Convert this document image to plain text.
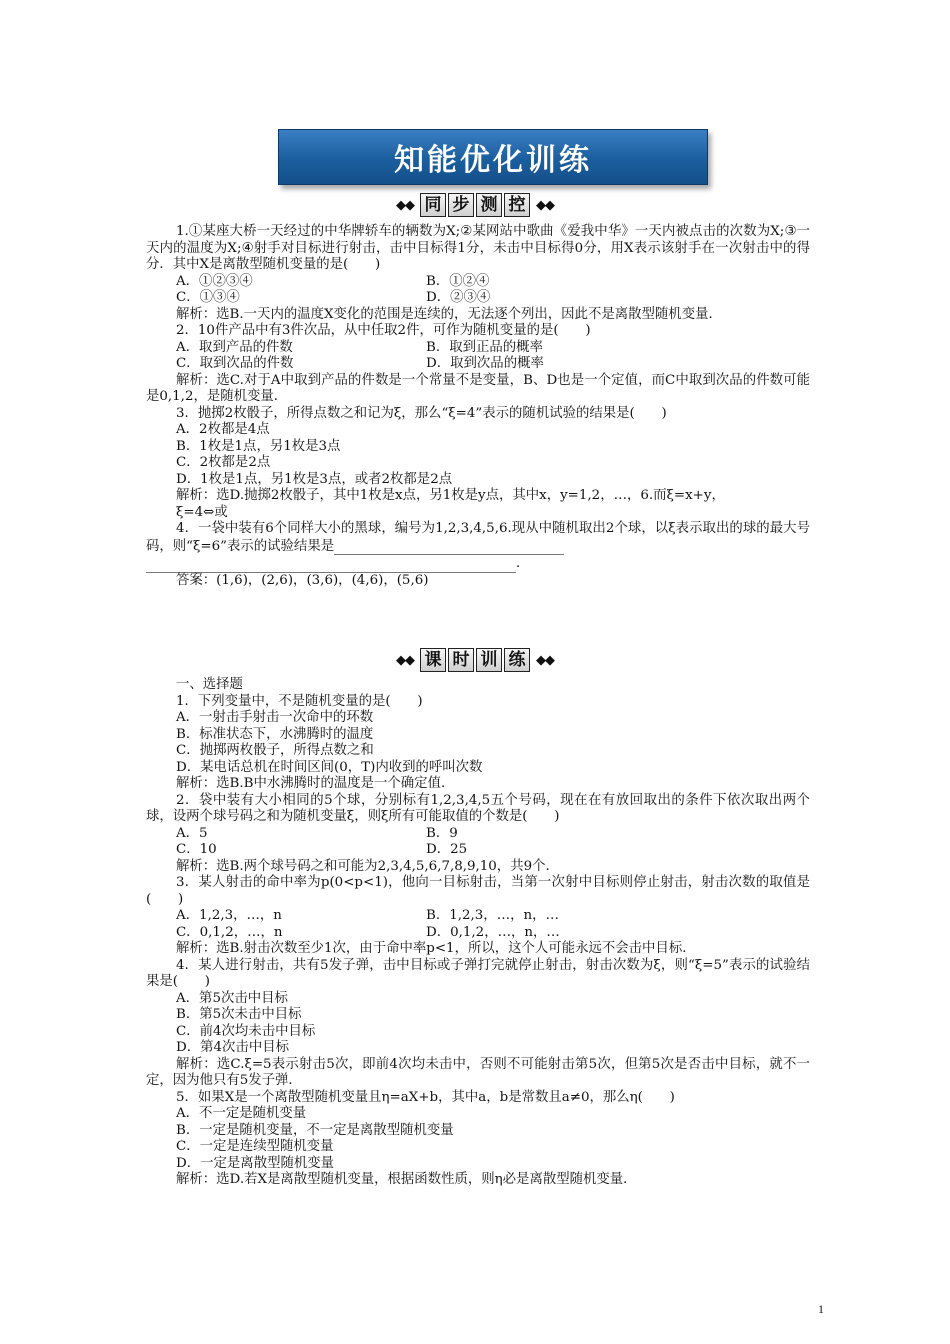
知能优化训练
◆◆ 同 步 测 控 ◆◆

1.①某座大桥一天经过的中华牌轿车的辆数为X;②某网站中歌曲《爱我中华》一天内被点击的次数为X;③一天内的温度为X;④射手对目标进行射击，击中目标得1分，未击中目标得0分，用X表示该射手在一次射击中的得分．其中X是离散型随机变量的是(　　)

A．①②③④	B．①②④
C．①③④	D．②③④

解析：选B.一天内的温度X变化的范围是连续的，无法逐个列出，因此不是离散型随机变量．

2．10件产品中有3件次品，从中任取2件，可作为随机变量的是(　　)

A．取到产品的件数	B．取到正品的概率
C．取到次品的件数	D．取到次品的概率

解析：选C.对于A中取到产品的件数是一个常量不是变量，B、D也是一个定值，而C中取到次品的件数可能是0,1,2，是随机变量．

3．抛掷2枚骰子，所得点数之和记为ξ，那么“ξ=4”表示的随机试验的结果是(　　)

A．2枚都是4点

B．1枚是1点，另1枚是3点

C．2枚都是2点

D．1枚是1点，另1枚是3点，或者2枚都是2点

解析：选D.抛掷2枚骰子，其中1枚是x点，另1枚是y点，其中x，y=1,2，…，6.而ξ=x+y，

ξ=4⇔或

4．一袋中装有6个同样大小的黑球，编号为1,2,3,4,5,6.现从中随机取出2个球，以ξ表示取出的球的最大号码，则“ξ=6”表示的试验结果是

．

答案：(1,6)，(2,6)，(3,6)，(4,6)，(5,6)

◆◆ 课 时 训 练 ◆◆

一、选择题

1．下列变量中，不是随机变量的是(　　)

A．一射击手射击一次命中的环数

B．标准状态下，水沸腾时的温度

C．抛掷两枚骰子，所得点数之和

D．某电话总机在时间区间(0，T)内收到的呼叫次数

解析：选B.B中水沸腾时的温度是一个确定值．

2．袋中装有大小相同的5个球，分别标有1,2,3,4,5五个号码，现在在有放回取出的条件下依次取出两个球，设两个球号码之和为随机变量ξ，则ξ所有可能取值的个数是(　　)

A．5	B．9
C．10	D．25

解析：选B.两个球号码之和可能为2,3,4,5,6,7,8,9,10，共9个．

3．某人射击的命中率为p(0<p<1)，他向一目标射击，当第一次射中目标则停止射击，射击次数的取值是(　　)

A．1,2,3，…，n	B．1,2,3，…，n，…
C．0,1,2，…，n	D．0,1,2，…，n，…

解析：选B.射击次数至少1次，由于命中率p<1，所以，这个人可能永远不会击中目标．

4．某人进行射击，共有5发子弹，击中目标或子弹打完就停止射击，射击次数为ξ，则“ξ=5”表示的试验结果是(　　)

A．第5次击中目标

B．第5次未击中目标

C．前4次均未击中目标

D．第4次击中目标

解析：选C.ξ=5表示射击5次，即前4次均未击中，否则不可能射击第5次，但第5次是否击中目标，就不一定，因为他只有5发子弹．

5．如果X是一个离散型随机变量且η=aX+b，其中a，b是常数且a≠0，那么η(　　)

A．不一定是随机变量

B．一定是随机变量，不一定是离散型随机变量

C．一定是连续型随机变量

D．一定是离散型随机变量

解析：选D.若X是离散型随机变量，根据函数性质，则η必是离散型随机变量．

1
